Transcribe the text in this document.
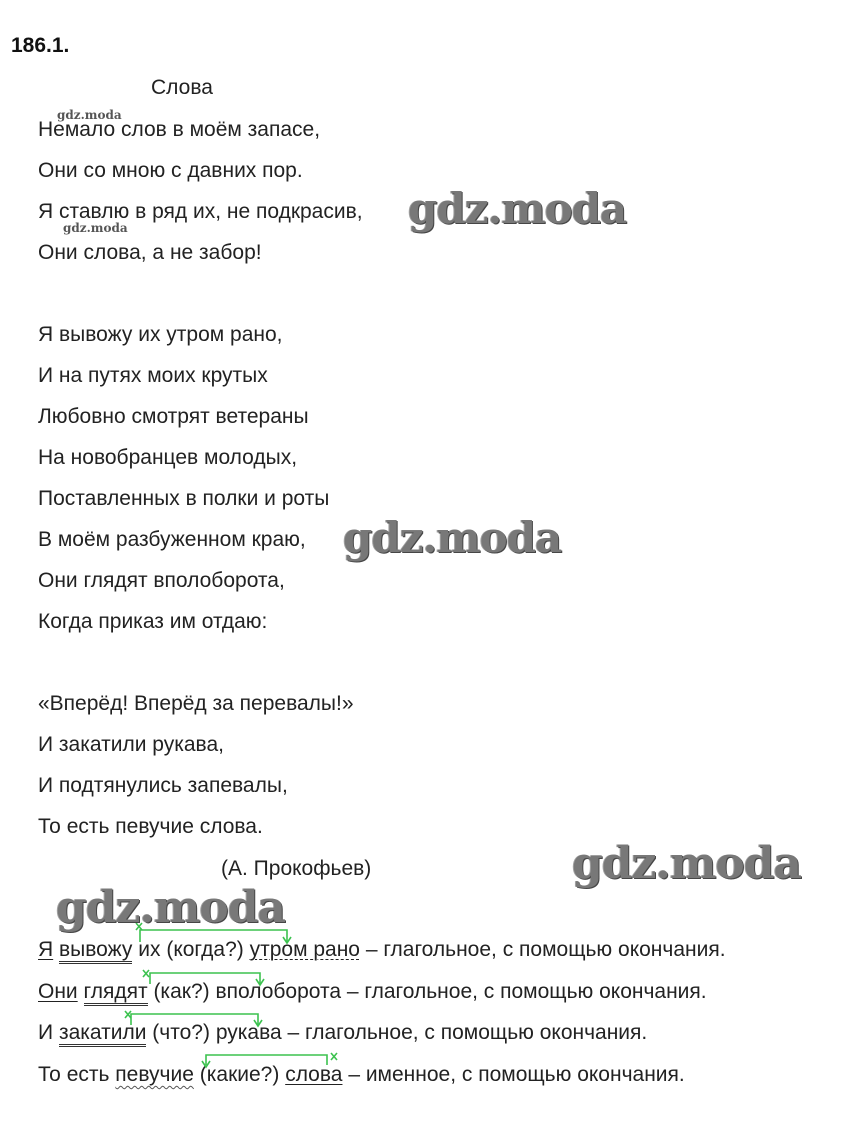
186.1.
Слова
Немало слов в моём запасе,
Они со мною с давних пор.
Я ставлю в ряд их, не подкрасив,
Они слова, а не забор!
Я вывожу их утром рано,
И на путях моих крутых
Любовно смотрят ветераны
На новобранцев молодых,
Поставленных в полки и роты
В моём разбуженном краю,
Они глядят вполоборота,
Когда приказ им отдаю:
«Вперёд! Вперёд за перевалы!»
И закатили рукава,
И подтянулись запевалы,
То есть певучие слова.
(А. Прокофьев)
Я вывожу их (когда?) утром рано – глагольное, с помощью окончания.
Они глядят (как?) вполоборота – глагольное, с помощью окончания.
И закатили (что?) рукава – глагольное, с помощью окончания.
То есть певучие (какие?) слова – именное, с помощью окончания.
gdz.moda
gdz.moda	gdz.moda
gdz.moda
gdz.moda
gdz.moda
